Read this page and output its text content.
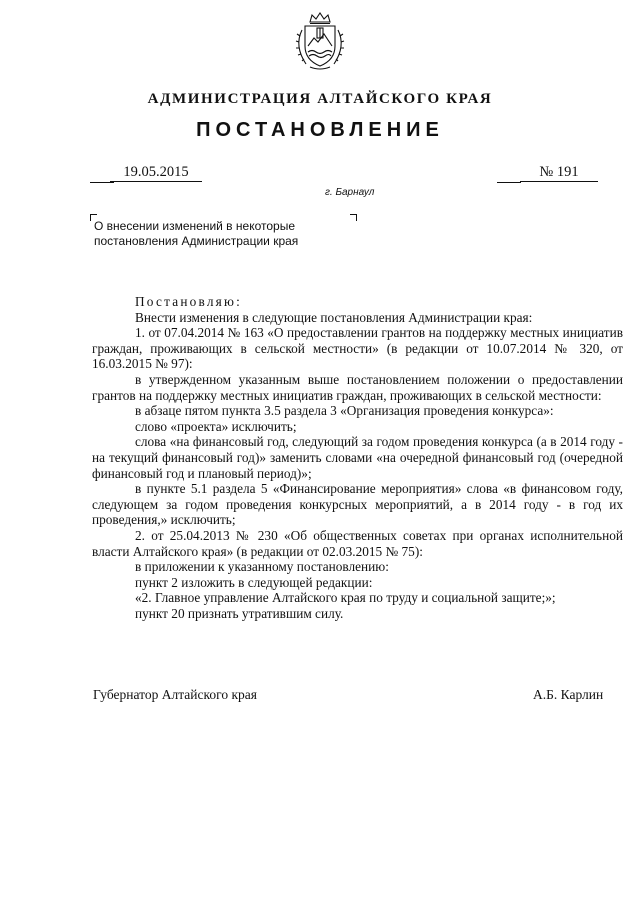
АДМИНИСТРАЦИЯ АЛТАЙСКОГО КРАЯ
ПОСТАНОВЛЕНИЕ
19.05.2015	№ 191
г. Барнаул
О внесении изменений в некоторые
постановления Администрации края

Постановляю:

Внести изменения в следующие постановления Администрации края:

1. от 07.04.2014 № 163 «О предоставлении грантов на поддержку местных инициатив граждан, проживающих в сельской местности» (в редакции от 10.07.2014 № 320, от 16.03.2015 № 97):

в утвержденном указанным выше постановлением положении о предоставлении грантов на поддержку местных инициатив граждан, проживающих в сельской местности:

в абзаце пятом пункта 3.5 раздела 3 «Организация проведения конкурса»:

слово «проекта» исключить;

слова «на финансовый год, следующий за годом проведения конкурса (а в 2014 году - на текущий финансовый год)» заменить словами «на очередной финансовый год (очередной финансовый год и плановый период)»;

в пункте 5.1 раздела 5 «Финансирование мероприятия» слова «в финансовом году, следующем за годом проведения конкурсных мероприятий, а в 2014 году - в год их проведения,» исключить;

2. от 25.04.2013 № 230 «Об общественных советах при органах исполнительной власти Алтайского края» (в редакции от 02.03.2015 № 75):

в приложении к указанному постановлению:

пункт 2 изложить в следующей редакции:

«2. Главное управление Алтайского края по труду и социальной защите;»;

пункт 20 признать утратившим силу.

Губернатор Алтайского края	А.Б. Карлин
